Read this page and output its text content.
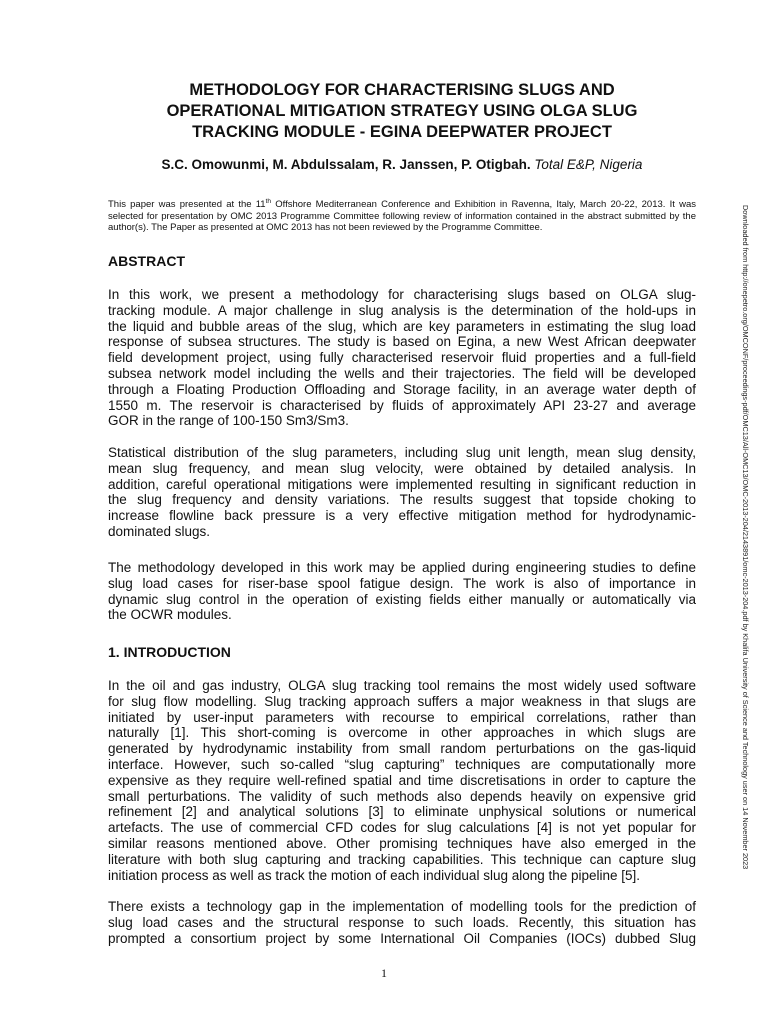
METHODOLOGY FOR CHARACTERISING SLUGS AND
OPERATIONAL MITIGATION STRATEGY USING OLGA SLUG
TRACKING MODULE - EGINA DEEPWATER PROJECT
S.C. Omowunmi, M. Abdulssalam, R. Janssen, P. Otigbah. Total E&P, Nigeria
This paper was presented at the 11th Offshore Mediterranean Conference and Exhibition in Ravenna, Italy, March 20-22, 2013. It was selected for presentation by OMC 2013 Programme Committee following review of information contained in the abstract submitted by the author(s). The Paper as presented at OMC 2013 has not been reviewed by the Programme Committee.	Downloaded from http://onepetro.org/OMCONF/proceedings-pdf/OMC13/All-OMC13/OMC-2013-204/2143891/omc-2013-204.pdf by Khalifa University of Science and Technology user on 14 November 2023
ABSTRACT
In this work, we present a methodology for characterising slugs based on OLGA slug-
tracking module. A major challenge in slug analysis is the determination of the hold-ups in
the liquid and bubble areas of the slug, which are key parameters in estimating the slug load
response of subsea structures. The study is based on Egina, a new West African deepwater
field development project, using fully characterised reservoir fluid properties and a full-field
subsea network model including the wells and their trajectories. The field will be developed
through a Floating Production Offloading and Storage facility, in an average water depth of
1550 m. The reservoir is characterised by fluids of approximately API 23-27 and average
GOR in the range of 100-150 Sm3/Sm3.
Statistical distribution of the slug parameters, including slug unit length, mean slug density,
mean slug frequency, and mean slug velocity, were obtained by detailed analysis. In
addition, careful operational mitigations were implemented resulting in significant reduction in
the slug frequency and density variations. The results suggest that topside choking to
increase flowline back pressure is a very effective mitigation method for hydrodynamic-
dominated slugs.
The methodology developed in this work may be applied during engineering studies to define
slug load cases for riser-base spool fatigue design. The work is also of importance in
dynamic slug control in the operation of existing fields either manually or automatically via
the OCWR modules.
1. INTRODUCTION
In the oil and gas industry, OLGA slug tracking tool remains the most widely used software
for slug flow modelling. Slug tracking approach suffers a major weakness in that slugs are
initiated by user-input parameters with recourse to empirical correlations, rather than
naturally [1]. This short-coming is overcome in other approaches in which slugs are
generated by hydrodynamic instability from small random perturbations on the gas-liquid
interface. However, such so-called “slug capturing” techniques are computationally more
expensive as they require well-refined spatial and time discretisations in order to capture the
small perturbations. The validity of such methods also depends heavily on expensive grid
refinement [2] and analytical solutions [3] to eliminate unphysical solutions or numerical
artefacts. The use of commercial CFD codes for slug calculations [4] is not yet popular for
similar reasons mentioned above. Other promising techniques have also emerged in the
literature with both slug capturing and tracking capabilities. This technique can capture slug
initiation process as well as track the motion of each individual slug along the pipeline [5].
There exists a technology gap in the implementation of modelling tools for the prediction of
slug load cases and the structural response to such loads. Recently, this situation has
prompted a consortium project by some International Oil Companies (IOCs) dubbed Slug
1
